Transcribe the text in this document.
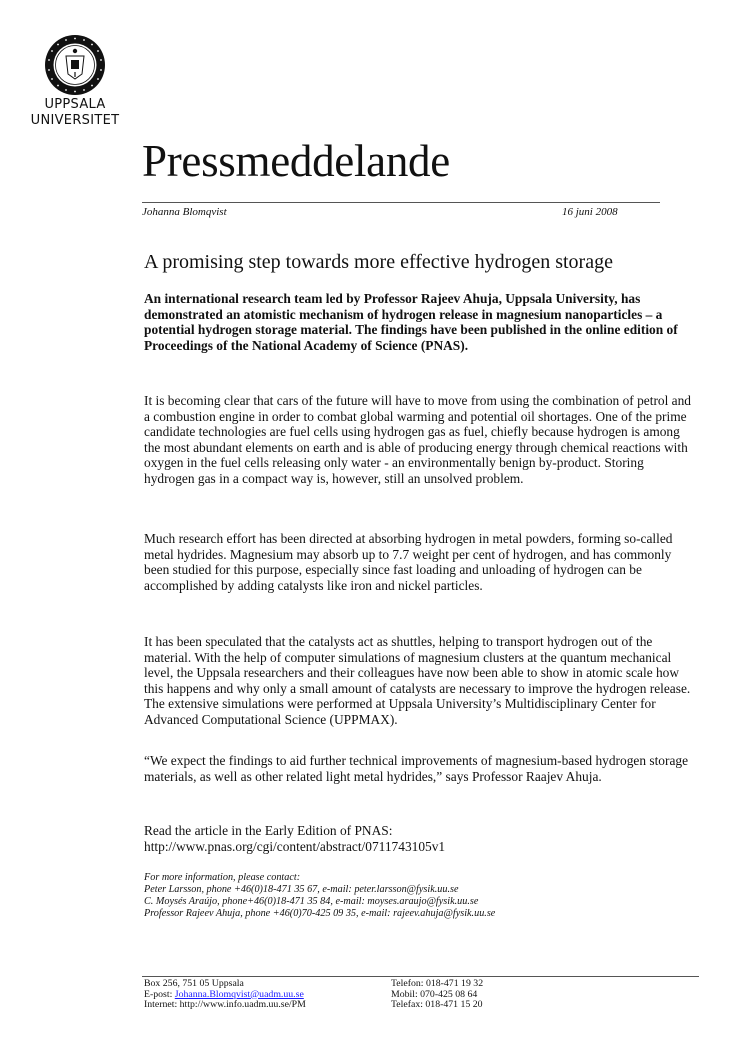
UPPSALA
UNIVERSITET
Pressmeddelande
Johanna Blomqvist	16 juni 2008
A promising step towards more effective hydrogen storage
An international research team led by Professor Rajeev Ahuja, Uppsala University, has demonstrated an atomistic mechanism of hydrogen release in magnesium nanoparticles – a potential hydrogen storage material. The findings have been published in the online edition of Proceedings of the National Academy of Science (PNAS).
It is becoming clear that cars of the future will have to move from using the combination of petrol and a combustion engine in order to combat global warming and potential oil shortages. One of the prime candidate technologies are fuel cells using hydrogen gas as fuel, chiefly because hydrogen is among the most abundant elements on earth and is able of producing energy through chemical reactions with oxygen in the fuel cells releasing only water - an environmentally benign by-product. Storing hydrogen gas in a compact way is, however, still an unsolved problem.
Much research effort has been directed at absorbing hydrogen in metal powders, forming so-called metal hydrides. Magnesium may absorb up to 7.7 weight per cent of hydrogen, and has commonly been studied for this purpose, especially since fast loading and unloading of hydrogen can be accomplished by adding catalysts like iron and nickel particles.
It has been speculated that the catalysts act as shuttles, helping to transport hydrogen out of the material. With the help of computer simulations of magnesium clusters at the quantum mechanical level, the Uppsala researchers and their colleagues have now been able to show in atomic scale how this happens and why only a small amount of catalysts are necessary to improve the hydrogen release. The extensive simulations were performed at Uppsala University’s Multidisciplinary Center for Advanced Computational Science (UPPMAX).
“We expect the findings to aid further technical improvements of magnesium-based hydrogen storage materials, as well as other related light metal hydrides,” says Professor Raajev Ahuja.
Read the article in the Early Edition of PNAS:
http://www.pnas.org/cgi/content/abstract/0711743105v1
For more information, please contact:
Peter Larsson, phone +46(0)18-471 35 67, e-mail: peter.larsson@fysik.uu.se
C. Moysés Araújo, phone+46(0)18-471 35 84, e-mail: moyses.araujo@fysik.uu.se
Professor Rajeev Ahuja, phone +46(0)70-425 09 35, e-mail: rajeev.ahuja@fysik.uu.se
Box 256, 751 05 Uppsala
E-post: Johanna.Blomqvist@uadm.uu.se
Internet: http://www.info.uadm.uu.se/PM
Telefon: 018-471 19 32
Mobil: 070-425 08 64
Telefax: 018-471 15 20
